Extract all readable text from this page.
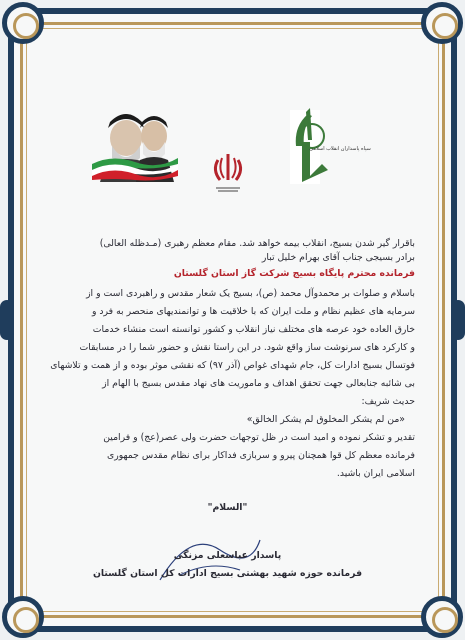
سپاه پاسداران انقلاب اسلامی
باقرار گیر شدن بسیج، انقلاب بیمه خواهد شد. مقام معظم رهبری (مـدظله العالی)
برادر بسیجی جناب آقای بهرام خلیل تبار
فرمانده محترم پایگاه بسیج شرکت گاز استان گلستان
باسلام و صلوات بر محمدوآل محمد (ص)، بسیج یک شعار مقدس و راهبردی است و از
سرمایه های عظیم نظام و ملت ایران که با خلاقیت ها و توانمندیهای منحصر به فرد و
خارق العاده خود عرصه های مختلف نیاز انقلاب و کشور توانسته است منشاء خدمات
و کارکرد های سرنوشت ساز واقع شود. در این راستا نقش و حضور شما را در مسابقات
فوتسال بسیج ادارات کل، جام شهدای غواص (آذر ۹۷) که نقشی موثر بوده و از همت و تلاشهای
بی شائبه جنابعالی جهت تحقق اهداف و ماموریت های نهاد مقدس بسیج با الهام از
حدیث شریف:
«من لم یشکر المخلوق لم یشکر الخالق»
تقدیر و تشکر نموده و امید است در ظل توجهات حضرت ولی عصر(عج) و فرامین
فرمانده معظم کل قوا همچنان پیرو و سربازی فداکار برای نظام مقدس جمهوری
اسلامی ایران باشید.
"السلام"
پاسدار عباسعلی مزنگی
فرمانده حوزه شهید بهشتی بسیج ادارات کل استان گلستان
